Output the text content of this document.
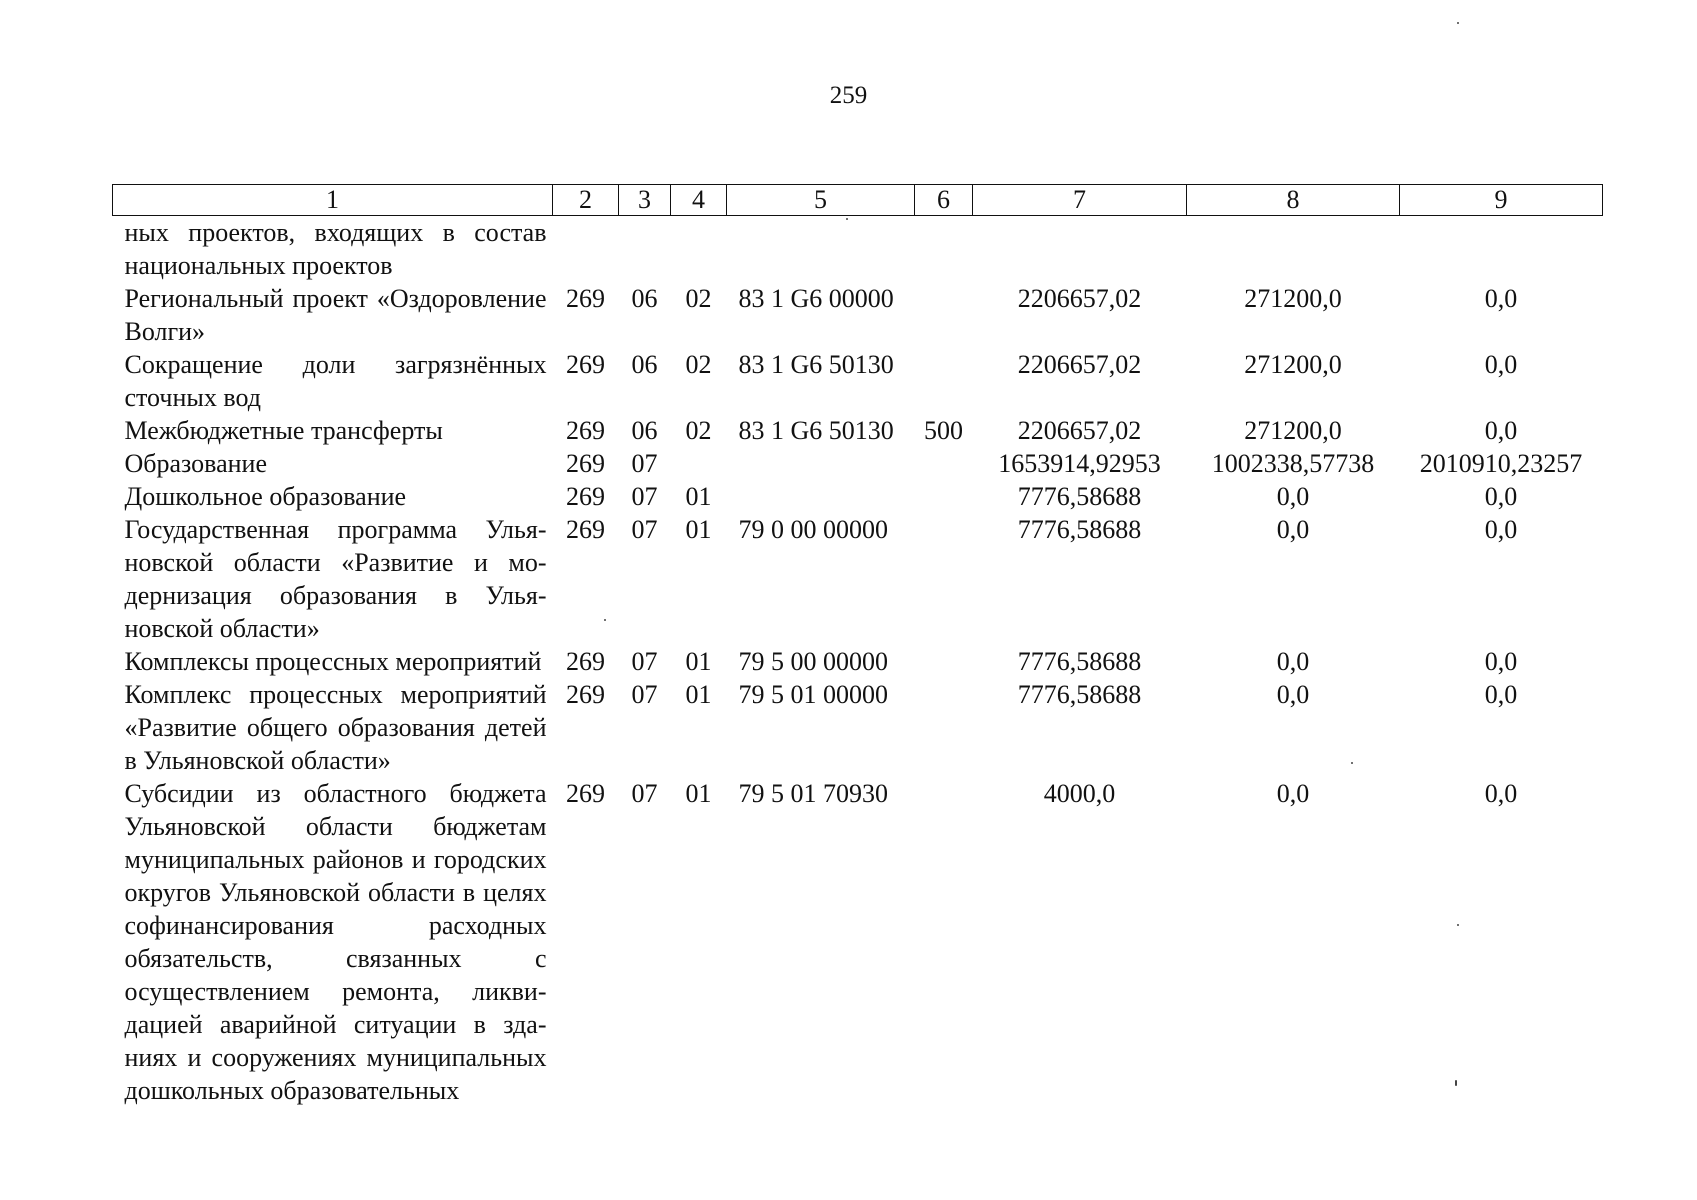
259
1	2	3	4	5	6	7	8	9
ных проектов, входящих в состав национальных проектов								
Региональный проект «Оздоровление Волги»	269	06	02	83 1 G6 00000		2206657,02	271200,0	0,0
Сокращение доли загрязнённых сточных вод	269	06	02	83 1 G6 50130		2206657,02	271200,0	0,0
Межбюджетные трансферты	269	06	02	83 1 G6 50130	500	2206657,02	271200,0	0,0
Образование	269	07				1653914,92953	1002338,57738	2010910,23257
Дошкольное образование	269	07	01			7776,58688	0,0	0,0
Государственная программа Ульяновской области «Развитие и модернизация образования в Ульяновской области»	269	07	01	79 0 00 00000		7776,58688	0,0	0,0
Комплексы процессных мероприятий	269	07	01	79 5 00 00000		7776,58688	0,0	0,0
Комплекс процессных мероприятий «Развитие общего образования детей в Ульяновской области»	269	07	01	79 5 01 00000		7776,58688	0,0	0,0
Субсидии из областного бюджета Ульяновской области бюджетам муниципальных районов и городских округов Ульяновской области в целях софинансирования расходных обязательств, связанных с осуществлением ремонта, ликвидацией аварийной ситуации в зданиях и сооружениях муниципальных дошкольных образовательных	269	07	01	79 5 01 70930		4000,0	0,0	0,0
